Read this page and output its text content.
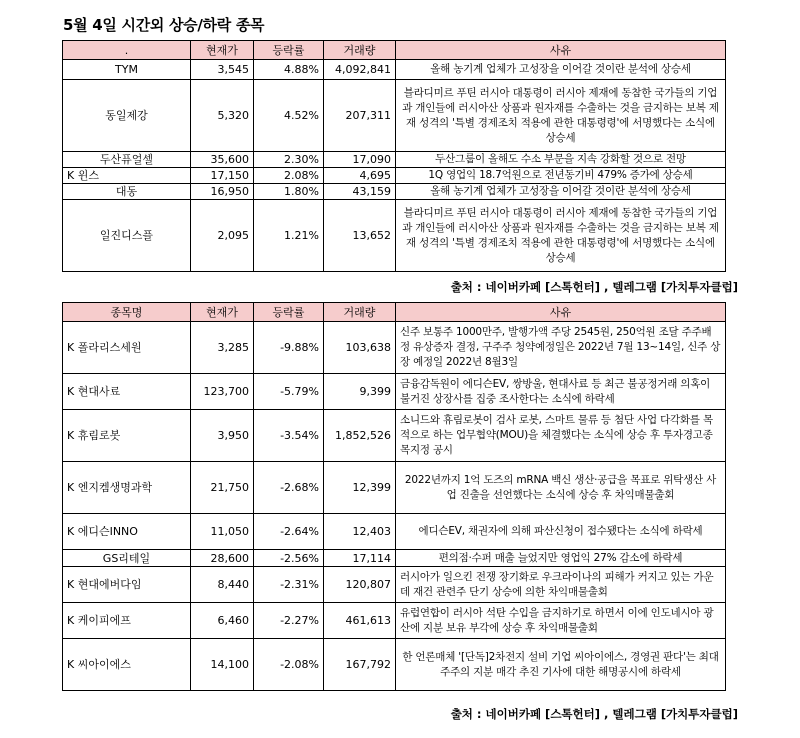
5월 4일 시간외 상승/하락 종목
.	현재가	등락률	거래량	사유
TYM	3,545	4.88%	4,092,841	올해 농기계 업체가 고성장을 이어갈 것이란 분석에 상승세
동일제강	5,320	4.52%	207,311	블라디미르 푸틴 러시아 대통령이 러시아 제재에 동참한 국가들의 기업과 개인들에 러시아산 상품과 원자재를 수출하는 것을 금지하는 보복 제재 성격의 '특별 경제조치 적용에 관한 대통령령'에 서명했다는 소식에 상승세
두산퓨얼셀	35,600	2.30%	17,090	두산그룹이 올해도 수소 부문을 지속 강화할 것으로 전망
K 윈스	17,150	2.08%	4,695	1Q 영업익 18.7억원으로 전년동기비 479% 증가에 상승세
대동	16,950	1.80%	43,159	올해 농기계 업체가 고성장을 이어갈 것이란 분석에 상승세
일진디스플	2,095	1.21%	13,652	블라디미르 푸틴 러시아 대통령이 러시아 제재에 동참한 국가들의 기업과 개인들에 러시아산 상품과 원자재를 수출하는 것을 금지하는 보복 제재 성격의 '특별 경제조치 적용에 관한 대통령령'에 서명했다는 소식에 상승세
출처 : 네이버카페 [스톡헌터] , 텔레그램 [가치투자클럽]
종목명	현재가	등락률	거래량	사유
K 폴라리스세원	3,285	-9.88%	103,638	신주 보통주 1000만주, 발행가액 주당 2545원, 250억원 조달 주주배정 유상증자 결정, 구주주 청약예정일은 2022년 7월 13~14일, 신주 상장 예정일 2022년 8월3일
K 현대사료	123,700	-5.79%	9,399	금융감독원이 에디슨EV, 쌍방울, 현대사료 등 최근 불공정거래 의혹이 불거진 상장사를 집중 조사한다는 소식에 하락세
K 휴림로봇	3,950	-3.54%	1,852,526	소니드와 휴림로봇이 검사 로봇, 스마트 물류 등 첨단 사업 다각화를 목적으로 하는 업무협약(MOU)을 체결했다는 소식에 상승 후 투자경고종목지정 공시
K 엔지켐생명과학	21,750	-2.68%	12,399	2022년까지 1억 도즈의 mRNA 백신 생산·공급을 목표로 위탁생산 사업 진출을 선언했다는 소식에 상승 후 차익매물출회
K 에디슨INNO	11,050	-2.64%	12,403	에디슨EV, 채권자에 의해 파산신청이 접수됐다는 소식에 하락세
GS리테일	28,600	-2.56%	17,114	편의점·수퍼 매출 늘었지만 영업익 27% 감소에 하락세
K 현대에버다임	8,440	-2.31%	120,807	러시아가 일으킨 전쟁 장기화로 우크라이나의 피해가 커지고 있는 가운데 재건 관련주 단기 상승에 의한 차익매물출회
K 케이피에프	6,460	-2.27%	461,613	유럽연합이 러시아 석탄 수입을 금지하기로 하면서 이에 인도네시아 광산에 지분 보유 부각에 상승 후 차익매물출회
K 씨아이에스	14,100	-2.08%	167,792	한 언론매체 '[단독]2차전지 설비 기업 씨아이에스, 경영권 판다'는 최대주주의 지분 매각 추진 기사에 대한 해명공시에 하락세
출처 : 네이버카페 [스톡헌터] , 텔레그램 [가치투자클럽]
